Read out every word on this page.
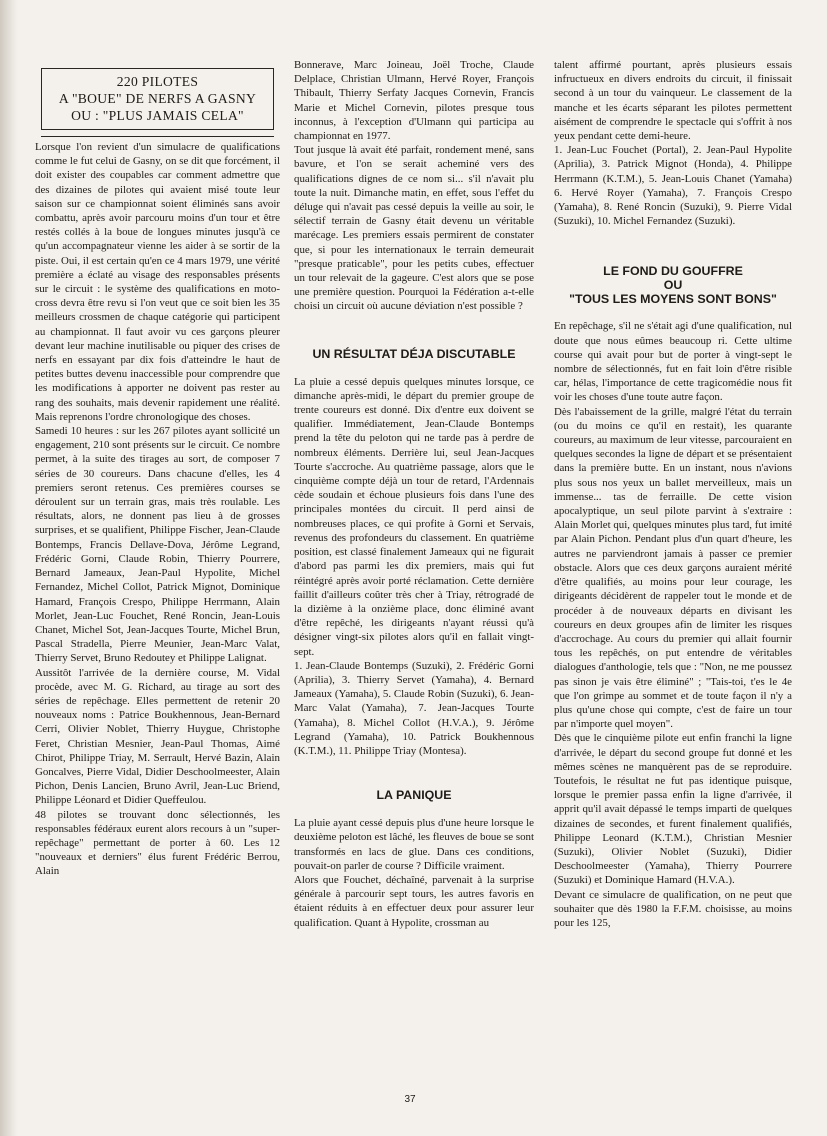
220 PILOTES
A "BOUE" DE NERFS A GASNY
OU : "PLUS JAMAIS CELA"

Lorsque l'on revient d'un simulacre de qualifications comme le fut celui de Gasny, on se dit que forcément, il doit exister des coupables car comment admettre que des dizaines de pilotes qui avaient misé toute leur saison sur ce championnat soient éliminés sans avoir combattu, après avoir parcouru moins d'un tour et être restés collés à la boue de longues minutes jusqu'à ce qu'un accompagnateur vienne les aider à se sortir de la piste. Oui, il est certain qu'en ce 4 mars 1979, une vérité première a éclaté au visage des responsables présents sur le circuit : le système des qualifications en moto-cross devra être revu si l'on veut que ce soit bien les 35 meilleurs crossmen de chaque catégorie qui participent au championnat. Il faut avoir vu ces garçons pleurer devant leur machine inutilisable ou piquer des crises de nerfs en essayant par dix fois d'atteindre le haut de petites buttes devenu inaccessible pour comprendre que les modifications à apporter ne doivent pas rester au rang des souhaits, mais devenir rapidement une réalité. Mais reprenons l'ordre chronologique des choses.

Samedi 10 heures : sur les 267 pilotes ayant sollicité un engagement, 210 sont présents sur le circuit. Ce nombre permet, à la suite des tirages au sort, de composer 7 séries de 30 coureurs. Dans chacune d'elles, les 4 premiers seront retenus. Ces premières courses se déroulent sur un terrain gras, mais très roulable. Les résultats, alors, ne donnent pas lieu à de grosses surprises, et se qualifient, Philippe Fischer, Jean-Claude Bontemps, Francis Dellave-Dova, Jérôme Legrand, Frédéric Gorni, Claude Robin, Thierry Pourrere, Bernard Jameaux, Jean-Paul Hypolite, Michel Fernandez, Michel Collot, Patrick Mignot, Dominique Hamard, François Crespo, Philippe Herrmann, Alain Morlet, Jean-Luc Fouchet, René Roncin, Jean-Louis Chanet, Michel Sot, Jean-Jacques Tourte, Michel Brun, Pascal Stradella, Pierre Meunier, Jean-Marc Valat, Thierry Servet, Bruno Redoutey et Philippe Lalignat.

Aussitôt l'arrivée de la dernière course, M. Vidal procède, avec M. G. Richard, au tirage au sort des séries de repêchage. Elles permettent de retenir 20 nouveaux noms : Patrice Boukhennous, Jean-Bernard Cerri, Olivier Noblet, Thierry Huygue, Christophe Feret, Christian Mesnier, Jean-Paul Thomas, Aimé Chirot, Philippe Triay, M. Serrault, Hervé Bazin, Alain Goncalves, Pierre Vidal, Didier Deschoolmeester, Alain Pichon, Denis Lancien, Bruno Avril, Jean-Luc Briend, Philippe Léonard et Didier Queffeulou.

48 pilotes se trouvant donc sélectionnés, les responsables fédéraux eurent alors recours à un "super-repêchage" permettant de porter à 60. Les 12 "nouveaux et derniers" élus furent Frédéric Berrou, Alain

Bonnerave, Marc Joineau, Joël Troche, Claude Delplace, Christian Ulmann, Hervé Royer, François Thibault, Thierry Serfaty Jacques Cornevin, Francis Marie et Michel Cornevin, pilotes presque tous inconnus, à l'exception d'Ulmann qui participa au championnat en 1977.

Tout jusque là avait été parfait, rondement mené, sans bavure, et l'on se serait acheminé vers des qualifications dignes de ce nom si... s'il n'avait plu toute la nuit. Dimanche matin, en effet, sous l'effet du déluge qui n'avait pas cessé depuis la veille au soir, le sélectif terrain de Gasny était devenu un véritable marécage. Les premiers essais permirent de constater que, si pour les internationaux le terrain demeurait "presque praticable", pour les petits cubes, effectuer un tour relevait de la gageure. C'est alors que se pose une première question. Pourquoi la Fédération a-t-elle choisi un circuit où aucune déviation n'est possible ?

UN RÉSULTAT DÉJA DISCUTABLE

La pluie a cessé depuis quelques minutes lorsque, ce dimanche après-midi, le départ du premier groupe de trente coureurs est donné. Dix d'entre eux doivent se qualifier. Immédiatement, Jean-Claude Bontemps prend la tête du peloton qui ne tarde pas à perdre de nombreux éléments. Derrière lui, seul Jean-Jacques Tourte s'accroche. Au quatrième passage, alors que le cinquième compte déjà un tour de retard, l'Ardennais cède soudain et échoue plusieurs fois dans l'une des principales montées du circuit. Il perd ainsi de nombreuses places, ce qui profite à Gorni et Servais, revenus des profondeurs du classement. En quatrième position, est classé finalement Jameaux qui ne figurait d'abord pas parmi les dix premiers, mais qui fut réintégré après avoir porté réclamation. Cette dernière faillit d'ailleurs coûter très cher à Triay, rétrogradé de la dizième à la onzième place, donc éliminé avant d'être repêché, les dirigeants n'ayant réussi qu'à désigner vingt-six pilotes alors qu'il en fallait vingt-sept.

1. Jean-Claude Bontemps (Suzuki), 2. Frédéric Gorni (Aprilia), 3. Thierry Servet (Yamaha), 4. Bernard Jameaux (Yamaha), 5. Claude Robin (Suzuki), 6. Jean-Marc Valat (Yamaha), 7. Jean-Jacques Tourte (Yamaha), 8. Michel Collot (H.V.A.), 9. Jérôme Legrand (Yamaha), 10. Patrick Boukhennous (K.T.M.), 11. Philippe Triay (Montesa).

LA PANIQUE

La pluie ayant cessé depuis plus d'une heure lorsque le deuxième peloton est lâché, les fleuves de boue se sont transformés en lacs de glue. Dans ces conditions, pouvait-on parler de course ? Difficile vraiment.

Alors que Fouchet, déchaîné, parvenait à la surprise générale à parcourir sept tours, les autres favoris en étaient réduits à en effectuer deux pour assurer leur qualification. Quant à Hypolite, crossman au

talent affirmé pourtant, après plusieurs essais infructueux en divers endroits du circuit, il finissait second à un tour du vainqueur. Le classement de la manche et les écarts séparant les pilotes permettent aisément de comprendre le spectacle qui s'offrit à nos yeux pendant cette demi-heure.

1. Jean-Luc Fouchet (Portal), 2. Jean-Paul Hypolite (Aprilia), 3. Patrick Mignot (Honda), 4. Philippe Herrmann (K.T.M.), 5. Jean-Louis Chanet (Yamaha) 6. Hervé Royer (Yamaha), 7. François Crespo (Yamaha), 8. René Roncin (Suzuki), 9. Pierre Vidal (Suzuki), 10. Michel Fernandez (Suzuki).

LE FOND DU GOUFFRE
OU
"TOUS LES MOYENS SONT BONS"

En repêchage, s'il ne s'était agi d'une qualification, nul doute que nous eûmes beaucoup ri. Cette ultime course qui avait pour but de porter à vingt-sept le nombre de sélectionnés, fut en fait loin d'être risible car, hélas, l'importance de cette tragicomédie nous fit voir les choses d'une toute autre façon.

Dès l'abaissement de la grille, malgré l'état du terrain (ou du moins ce qu'il en restait), les quarante coureurs, au maximum de leur vitesse, parcouraient en quelques secondes la ligne de départ et se présentaient dans la première butte. En un instant, nous n'avions plus sous nos yeux un ballet merveilleux, mais un immense... tas de ferraille. De cette vision apocalyptique, un seul pilote parvint à s'extraire : Alain Morlet qui, quelques minutes plus tard, fut imité par Alain Pichon. Pendant plus d'un quart d'heure, les autres ne parviendront jamais à passer ce premier obstacle. Alors que ces deux garçons auraient mérité d'être qualifiés, au moins pour leur courage, les dirigeants décidèrent de rappeler tout le monde et de procéder à de nouveaux départs en divisant les coureurs en deux groupes afin de limiter les risques d'accrochage. Au cours du premier qui allait fournir tous les repêchés, on put entendre de véritables dialogues d'anthologie, tels que : "Non, ne me poussez pas sinon je vais être éliminé" ; "Tais-toi, t'es le 4e que l'on grimpe au sommet et de toute façon il n'y a plus qu'une chose qui compte, c'est de faire un tour par n'importe quel moyen".

Dès que le cinquième pilote eut enfin franchi la ligne d'arrivée, le départ du second groupe fut donné et les mêmes scènes ne manquèrent pas de se reproduire. Toutefois, le résultat ne fut pas identique puisque, lorsque le premier passa enfin la ligne d'arrivée, il apprit qu'il avait dépassé le temps imparti de quelques dizaines de secondes, et furent finalement qualifiés, Philippe Leonard (K.T.M.), Christian Mesnier (Suzuki), Olivier Noblet (Suzuki), Didier Deschoolmeester (Yamaha), Thierry Pourrere (Suzuki) et Dominique Hamard (H.V.A.).

Devant ce simulacre de qualification, on ne peut que souhaiter que dès 1980 la F.F.M. choisisse, au moins pour les 125,

37
